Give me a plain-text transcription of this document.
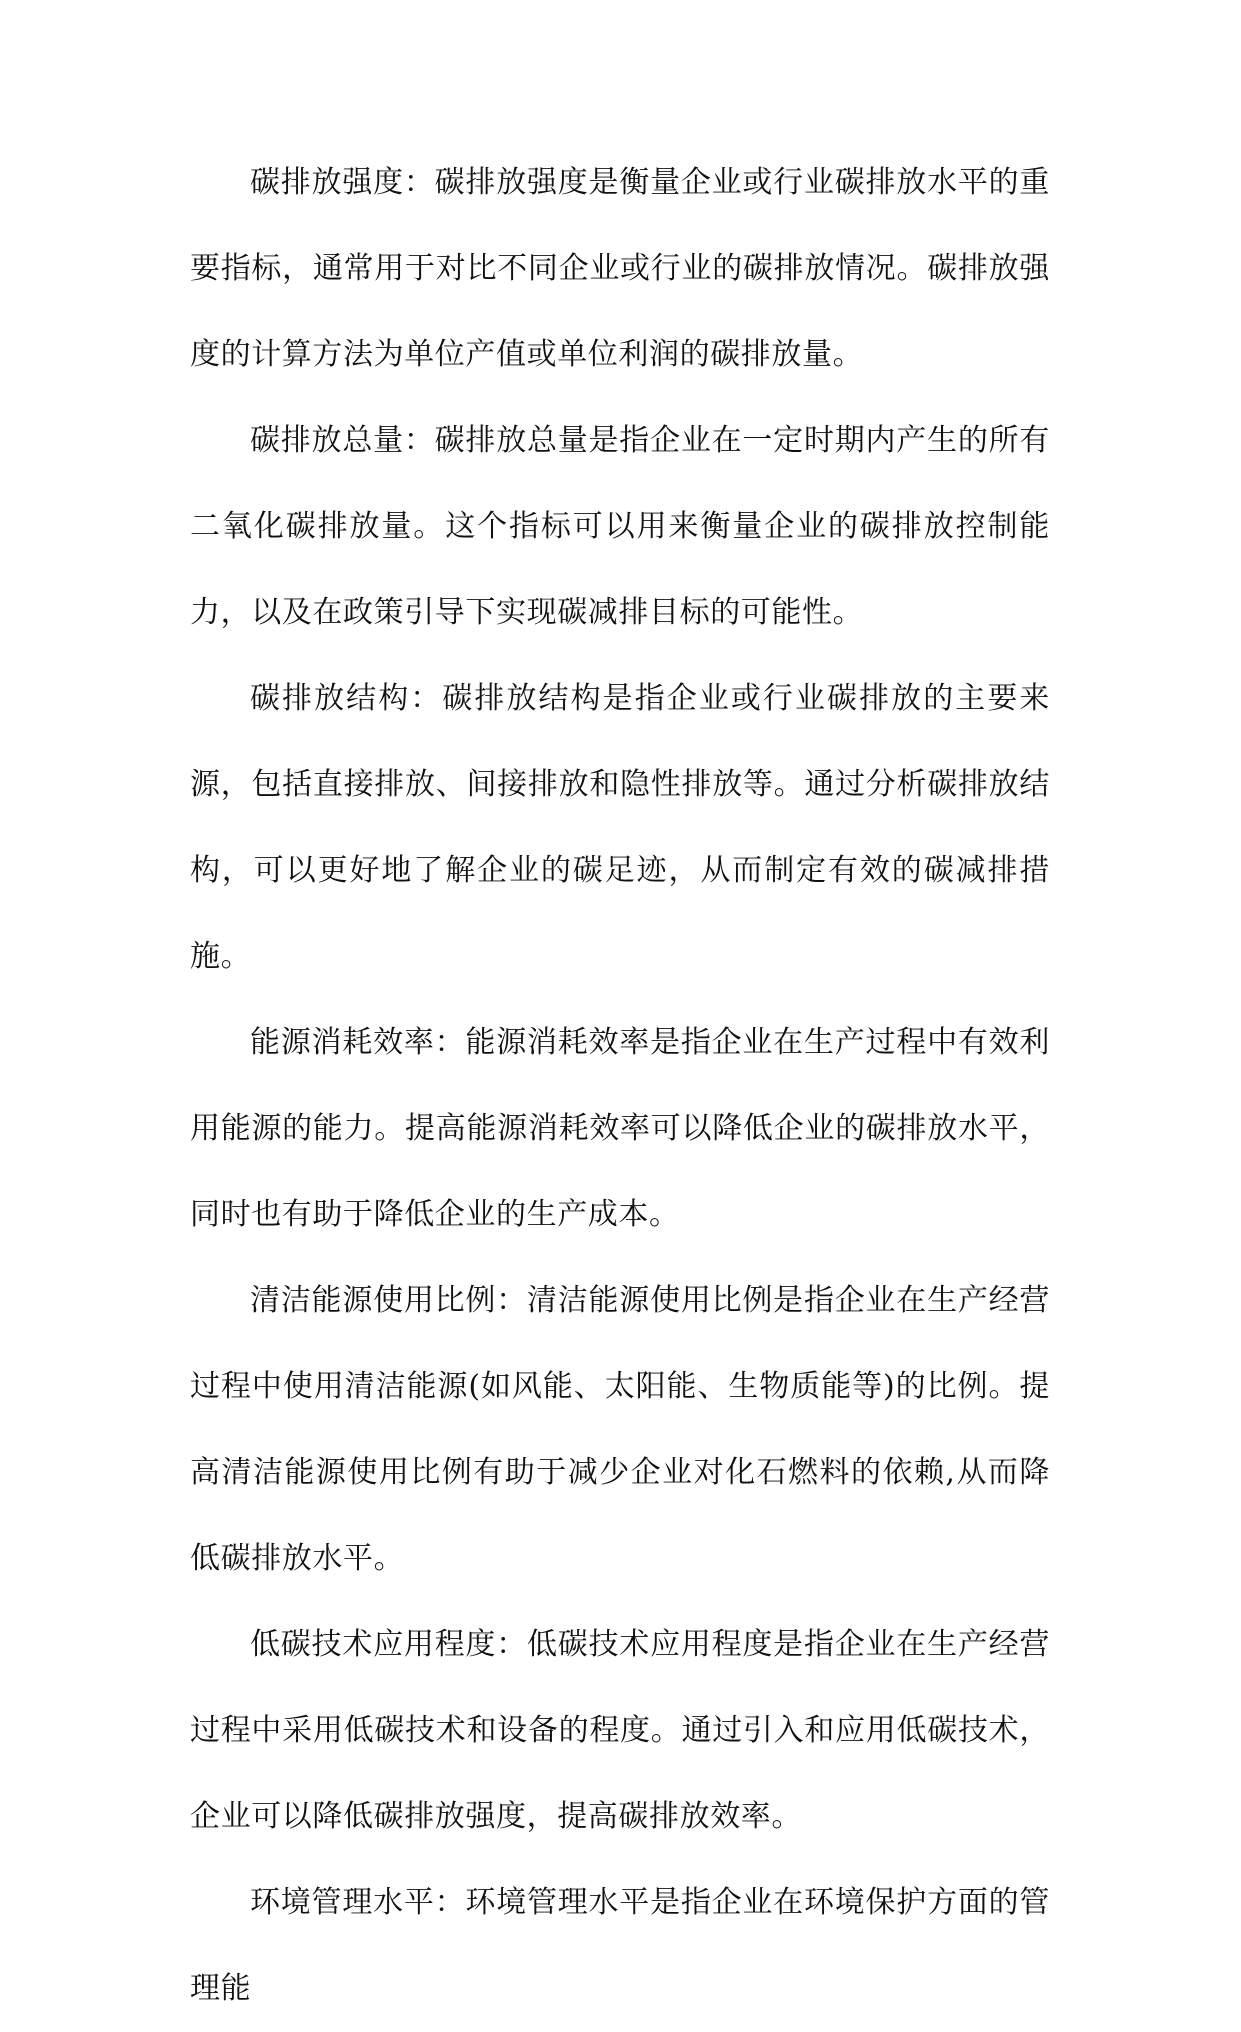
碳排放强度：碳排放强度是衡量企业或行业碳排放水平的重要指标，通常用于对比不同企业或行业的碳排放情况。碳排放强度的计算方法为单位产值或单位利润的碳排放量。

碳排放总量：碳排放总量是指企业在一定时期内产生的所有二氧化碳排放量。这个指标可以用来衡量企业的碳排放控制能力，以及在政策引导下实现碳减排目标的可能性。

碳排放结构：碳排放结构是指企业或行业碳排放的主要来源，包括直接排放、间接排放和隐性排放等。通过分析碳排放结构，可以更好地了解企业的碳足迹，从而制定有效的碳减排措施。

能源消耗效率：能源消耗效率是指企业在生产过程中有效利用能源的能力。提高能源消耗效率可以降低企业的碳排放水平，同时也有助于降低企业的生产成本。

清洁能源使用比例：清洁能源使用比例是指企业在生产经营过程中使用清洁能源(如风能、太阳能、生物质能等)的比例。提高清洁能源使用比例有助于减少企业对化石燃料的依赖,从而降低碳排放水平。

低碳技术应用程度：低碳技术应用程度是指企业在生产经营过程中采用低碳技术和设备的程度。通过引入和应用低碳技术，企业可以降低碳排放强度，提高碳排放效率。

环境管理水平：环境管理水平是指企业在环境保护方面的管理能
